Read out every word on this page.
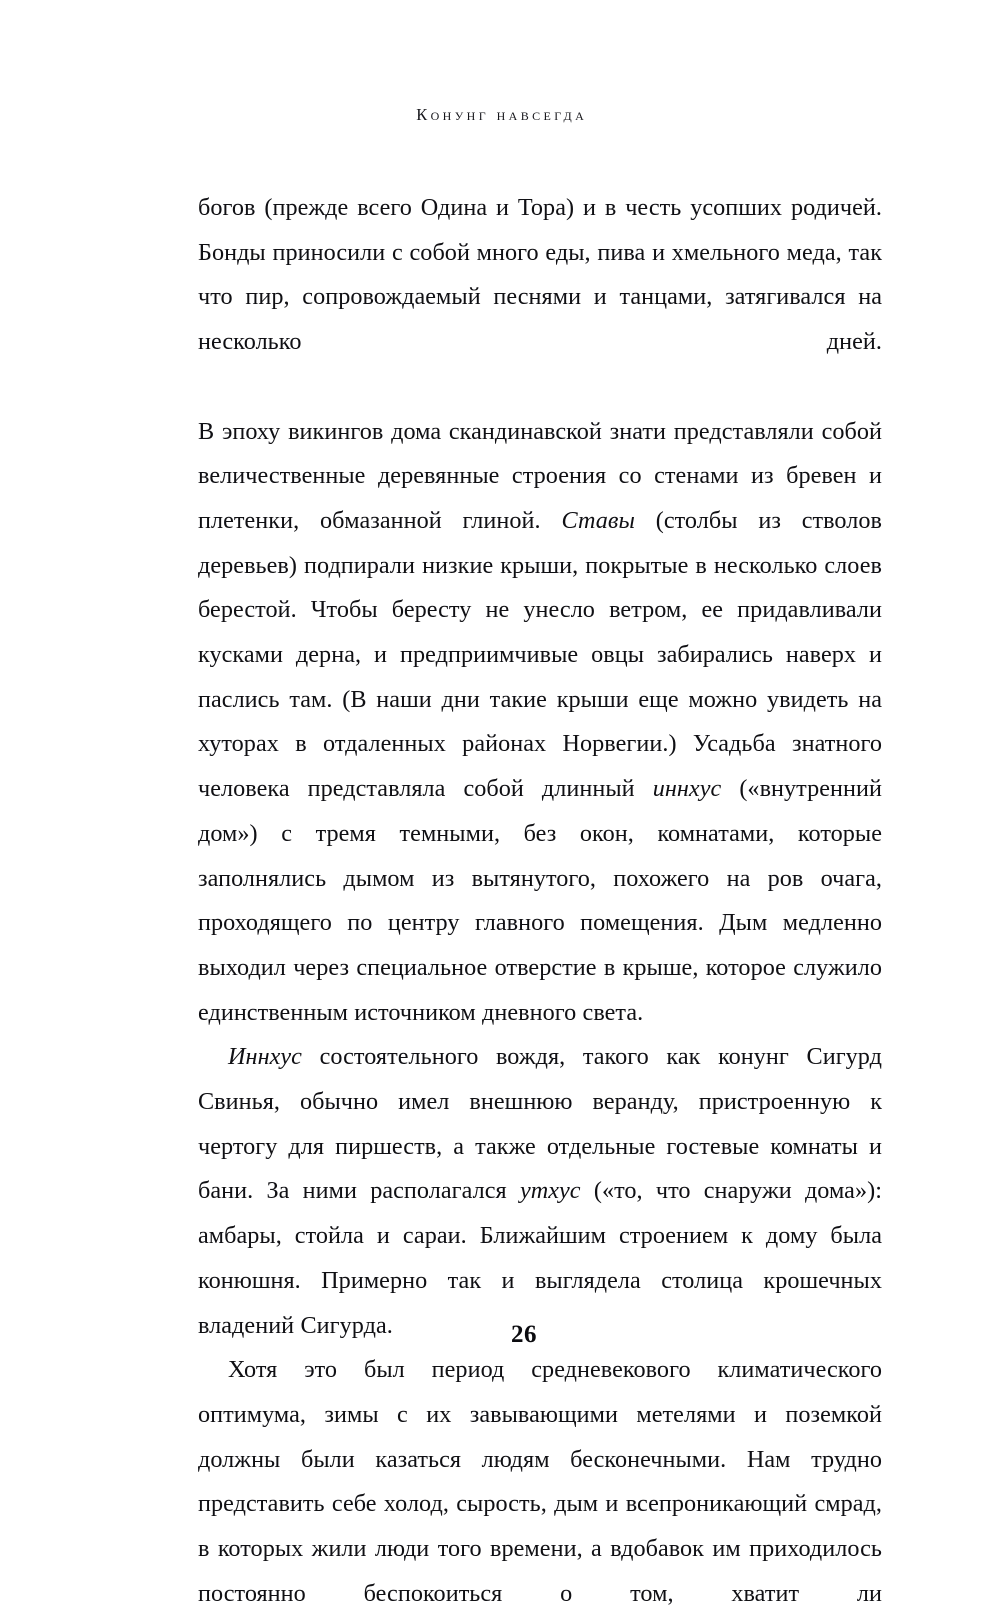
Конунг навсегда

богов (прежде всего Одина и Тора) и в честь усопших родичей. Бонды приносили с собой много еды, пива и хмельного меда, так что пир, сопровождаемый песнями и танцами, затягивался на несколько дней.

В эпоху викингов дома скандинавской знати представляли собой величественные деревянные строения со стенами из бревен и плетенки, обмазанной глиной. Ставы (столбы из стволов деревьев) подпирали низкие крыши, покрытые в несколько слоев берестой. Чтобы бересту не унесло ветром, ее придавливали кусками дерна, и предприимчивые овцы забирались наверх и паслись там. (В наши дни такие крыши еще можно увидеть на хуторах в отдаленных районах Норвегии.) Усадьба знатного человека представляла собой длинный иннхус («внутренний дом») с тремя темными, без окон, комнатами, которые заполнялись дымом из вытянутого, похожего на ров очага, проходящего по центру главного помещения. Дым медленно выходил через специальное отверстие в крыше, которое служило единственным источником дневного света.

Иннхус состоятельного вождя, такого как конунг Сигурд Свинья, обычно имел внешнюю веранду, пристроенную к чертогу для пиршеств, а также отдельные гостевые комнаты и бани. За ними располагался утхус («то, что снаружи дома»): амбары, стойла и сараи. Ближайшим строением к дому была конюшня. Примерно так и выглядела столица крошечных владений Сигурда.

Хотя это был период средневекового климатического оптимума, зимы с их завывающими метелями и поземкой должны были казаться людям бесконечными. Нам трудно представить себе холод, сырость, дым и всепроникающий смрад, в которых жили люди того времени, а вдобавок им приходилось постоянно беспокоиться о том, хватит ли

26
